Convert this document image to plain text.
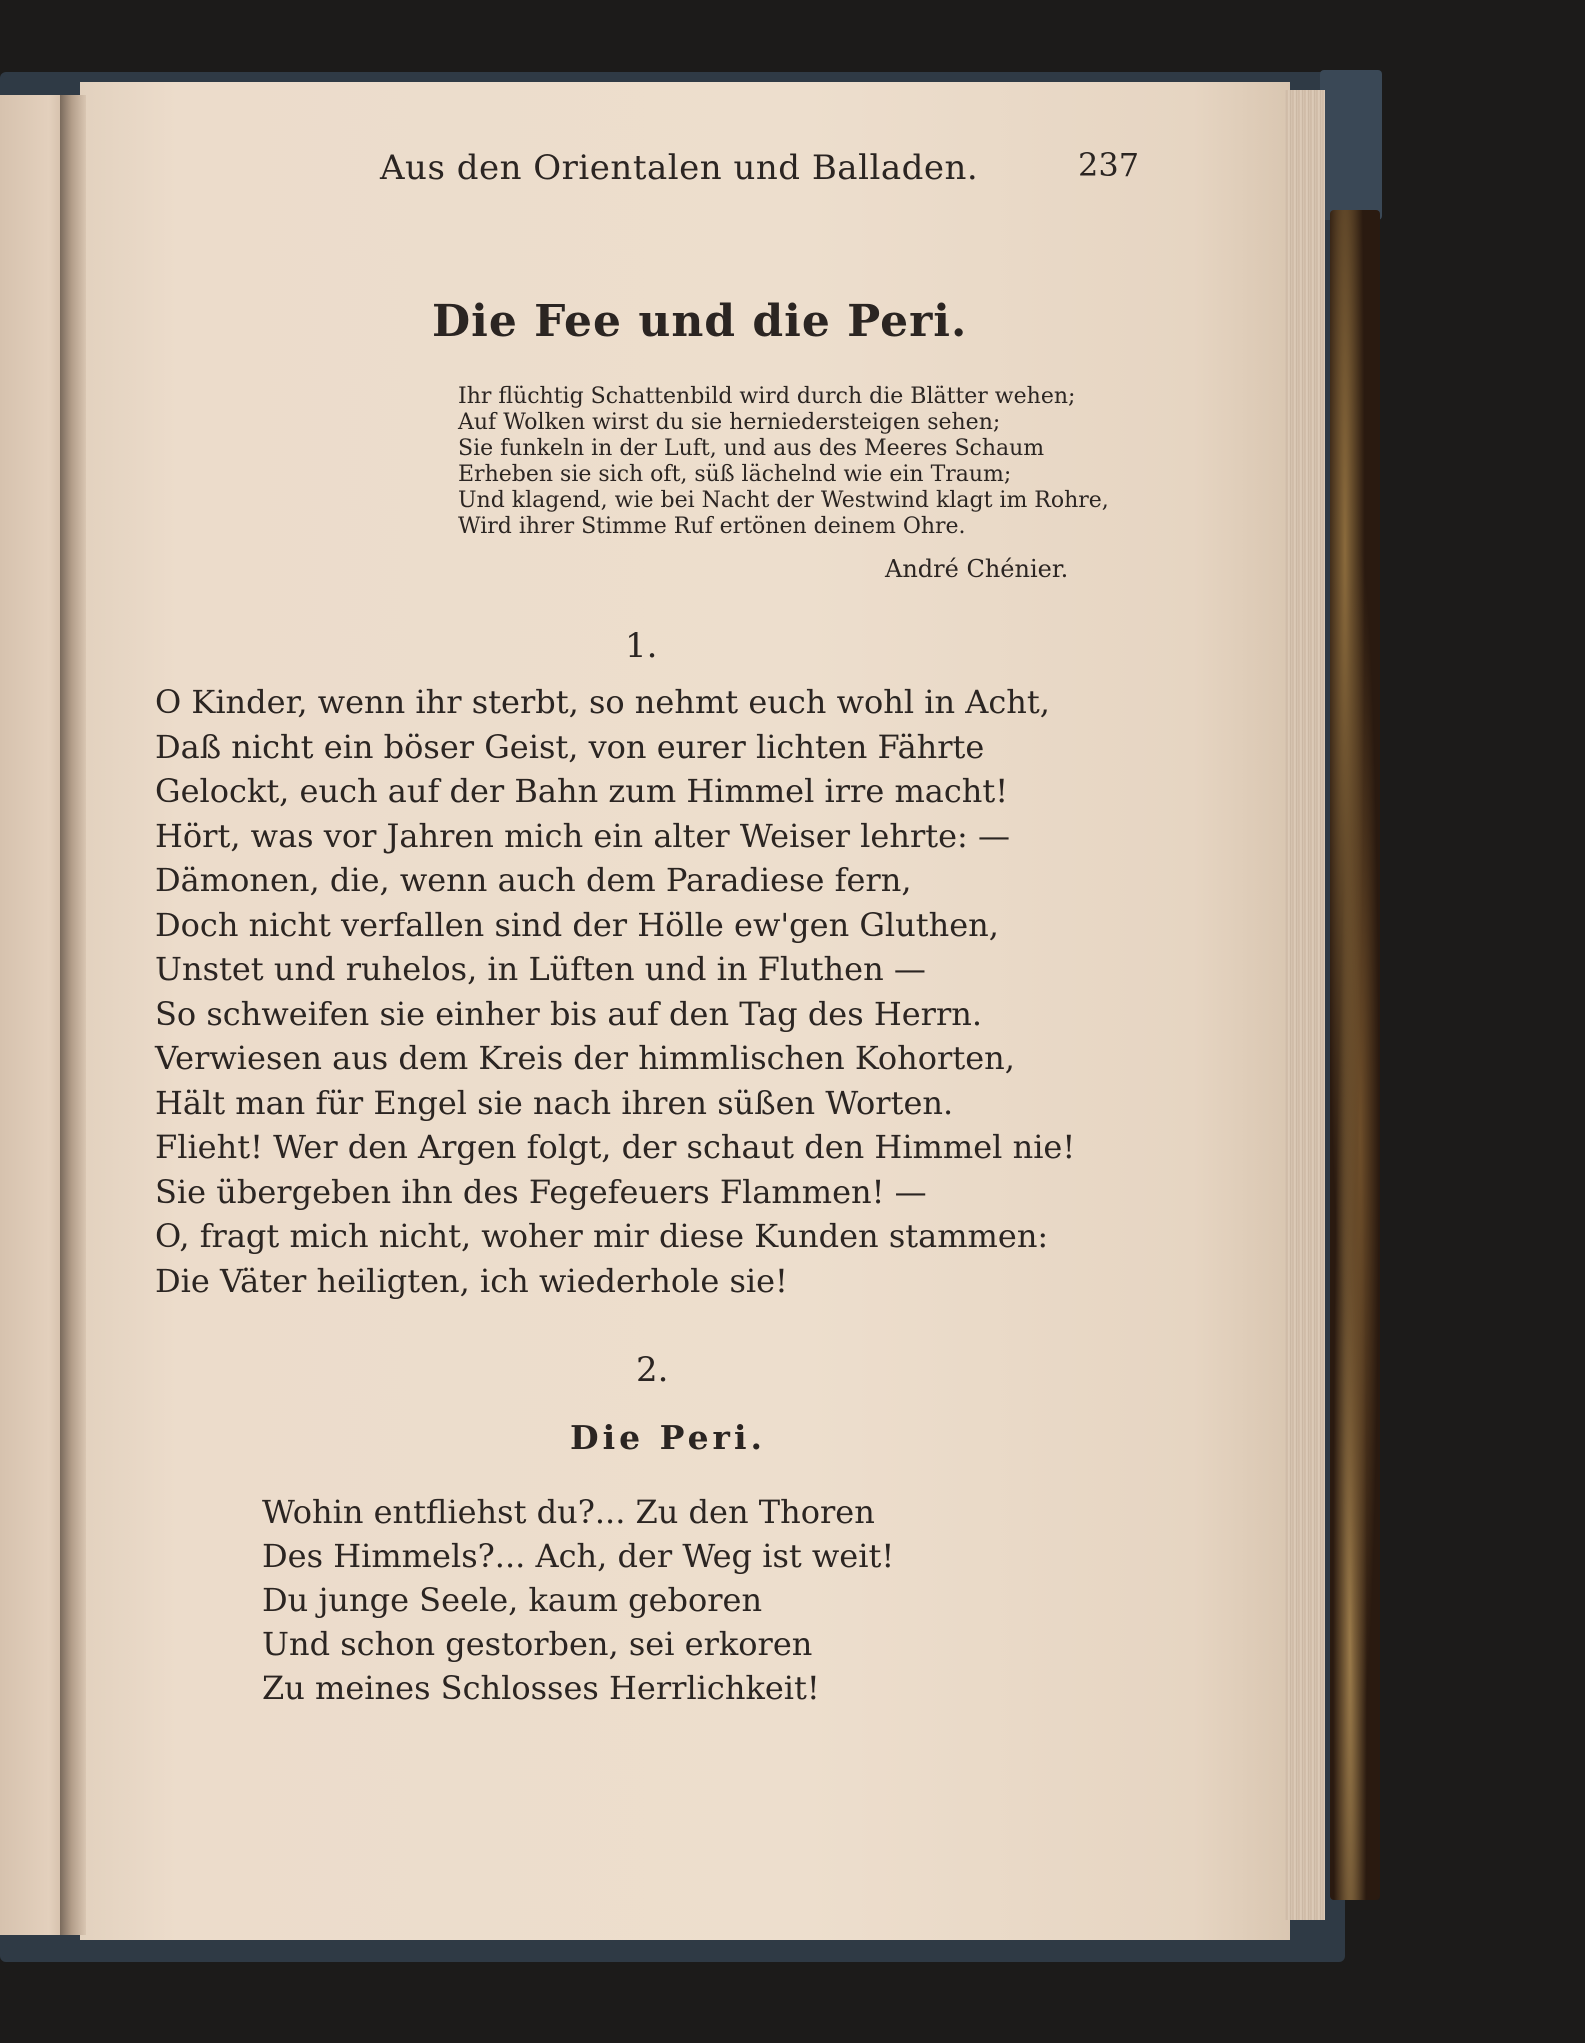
Aus den Orientalen und Balladen.	237
Die Fee und die Peri.
Ihr flüchtig Schattenbild wird durch die Blätter wehen;
Auf Wolken wirst du sie herniedersteigen sehen;
Sie funkeln in der Luft, und aus des Meeres Schaum
Erheben sie sich oft, süß lächelnd wie ein Traum;
Und klagend, wie bei Nacht der Westwind klagt im Rohre,
Wird ihrer Stimme Ruf ertönen deinem Ohre.
André Chénier.
1.
O Kinder, wenn ihr sterbt, so nehmt euch wohl in Acht,
Daß nicht ein böser Geist, von eurer lichten Fährte
Gelockt, euch auf der Bahn zum Himmel irre macht!
Hört, was vor Jahren mich ein alter Weiser lehrte: —
Dämonen, die, wenn auch dem Paradiese fern,
Doch nicht verfallen sind der Hölle ew'gen Gluthen,
Unstet und ruhelos, in Lüften und in Fluthen —
So schweifen sie einher bis auf den Tag des Herrn.
Verwiesen aus dem Kreis der himmlischen Kohorten,
Hält man für Engel sie nach ihren süßen Worten.
Flieht! Wer den Argen folgt, der schaut den Himmel nie!
Sie übergeben ihn des Fegefeuers Flammen! —
O, fragt mich nicht, woher mir diese Kunden stammen:
Die Väter heiligten, ich wiederhole sie!
2.
Die Peri.
Wohin entfliehst du?... Zu den Thoren
Des Himmels?... Ach, der Weg ist weit!
Du junge Seele, kaum geboren
Und schon gestorben, sei erkoren
Zu meines Schlosses Herrlichkeit!
